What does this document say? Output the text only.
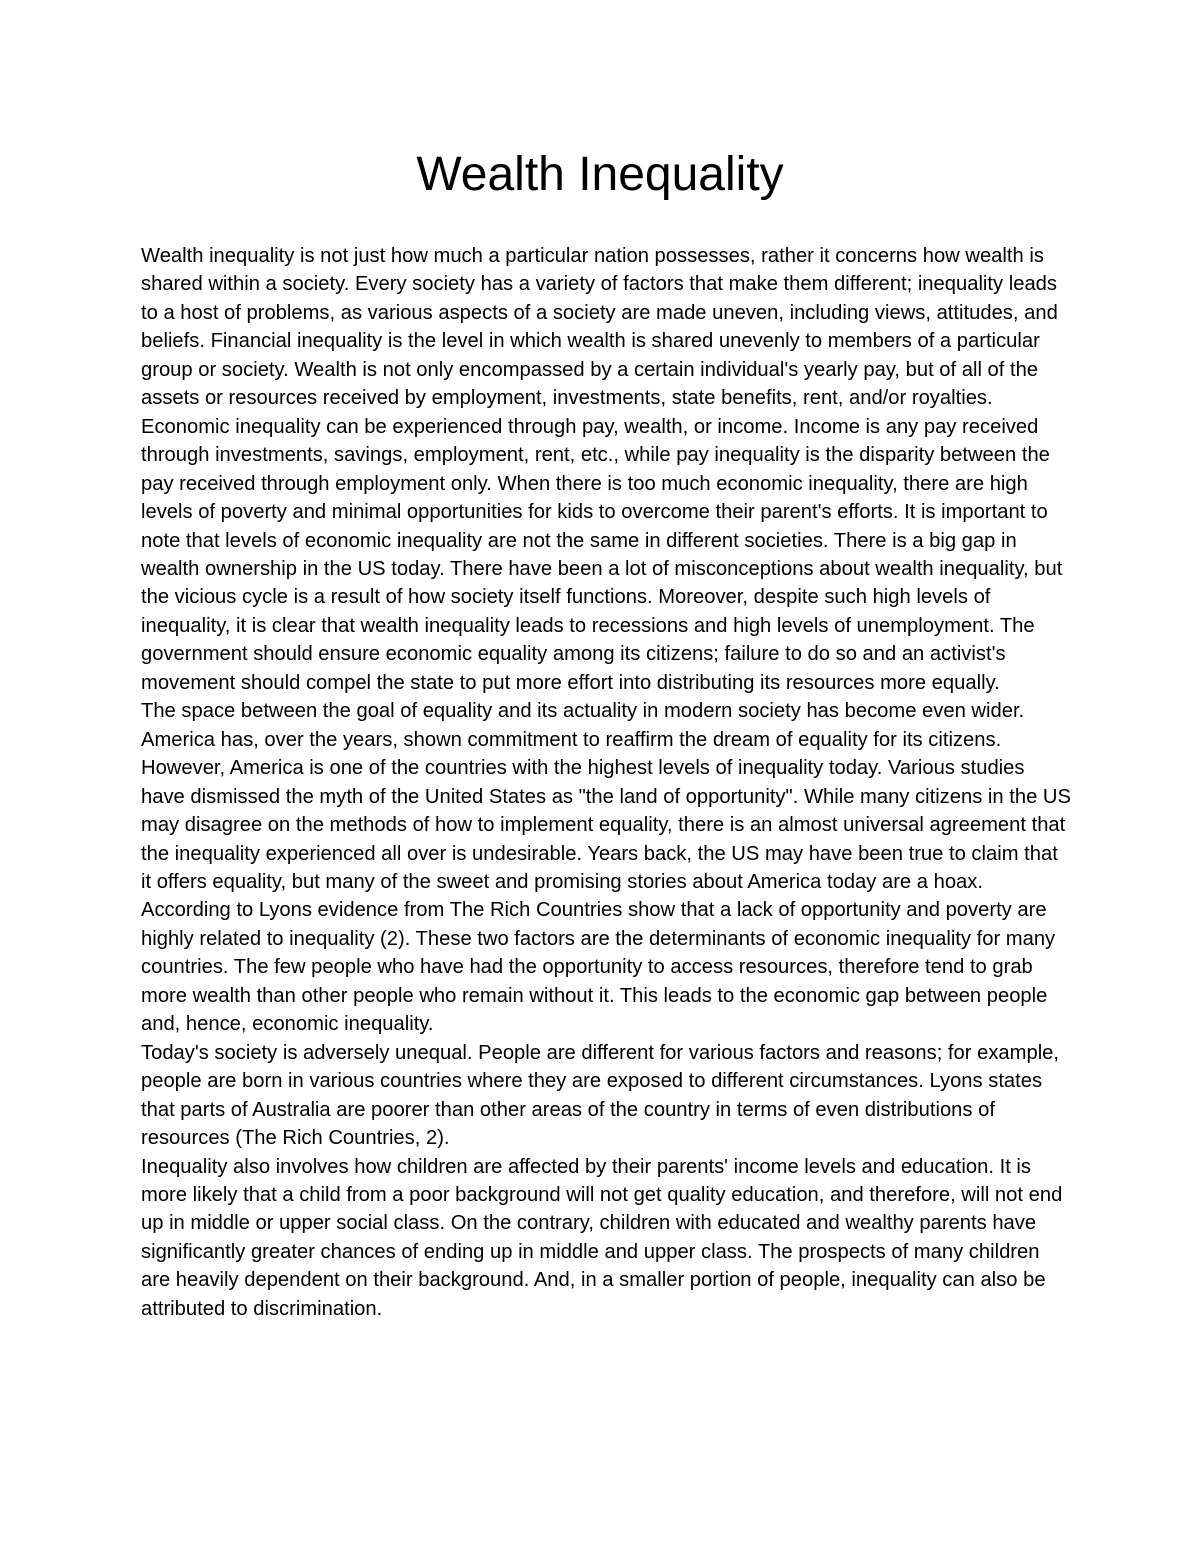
Wealth Inequality

Wealth inequality is not just how much a particular nation possesses, rather it concerns how wealth is shared within a society. Every society has a variety of factors that make them different; inequality leads to a host of problems, as various aspects of a society are made uneven, including views, attitudes, and beliefs. Financial inequality is the level in which wealth is shared unevenly to members of a particular group or society. Wealth is not only encompassed by a certain individual's yearly pay, but of all of the assets or resources received by employment, investments, state benefits, rent, and/or royalties. Economic inequality can be experienced through pay, wealth, or income. Income is any pay received through investments, savings, employment, rent, etc., while pay inequality is the disparity between the pay received through employment only. When there is too much economic inequality, there are high levels of poverty and minimal opportunities for kids to overcome their parent's efforts. It is important to note that levels of economic inequality are not the same in different societies. There is a big gap in wealth ownership in the US today. There have been a lot of misconceptions about wealth inequality, but the vicious cycle is a result of how society itself functions. Moreover, despite such high levels of inequality, it is clear that wealth inequality leads to recessions and high levels of unemployment. The government should ensure economic equality among its citizens; failure to do so and an activist's movement should compel the state to put more effort into distributing its resources more equally.

The space between the goal of equality and its actuality in modern society has become even wider. America has, over the years, shown commitment to reaffirm the dream of equality for its citizens. However, America is one of the countries with the highest levels of inequality today. Various studies have dismissed the myth of the United States as "the land of opportunity". While many citizens in the US may disagree on the methods of how to implement equality, there is an almost universal agreement that the inequality experienced all over is undesirable. Years back, the US may have been true to claim that it offers equality, but many of the sweet and promising stories about America today are a hoax. According to Lyons evidence from The Rich Countries show that a lack of opportunity and poverty are highly related to inequality (2). These two factors are the determinants of economic inequality for many countries. The few people who have had the opportunity to access resources, therefore tend to grab more wealth than other people who remain without it. This leads to the economic gap between people and, hence, economic inequality.

Today's society is adversely unequal. People are different for various factors and reasons; for example, people are born in various countries where they are exposed to different circumstances. Lyons states that parts of Australia are poorer than other areas of the country in terms of even distributions of resources (The Rich Countries, 2).

Inequality also involves how children are affected by their parents' income levels and education. It is more likely that a child from a poor background will not get quality education, and therefore, will not end up in middle or upper social class. On the contrary, children with educated and wealthy parents have significantly greater chances of ending up in middle and upper class. The prospects of many children are heavily dependent on their background. And, in a smaller portion of people, inequality can also be attributed to discrimination.
